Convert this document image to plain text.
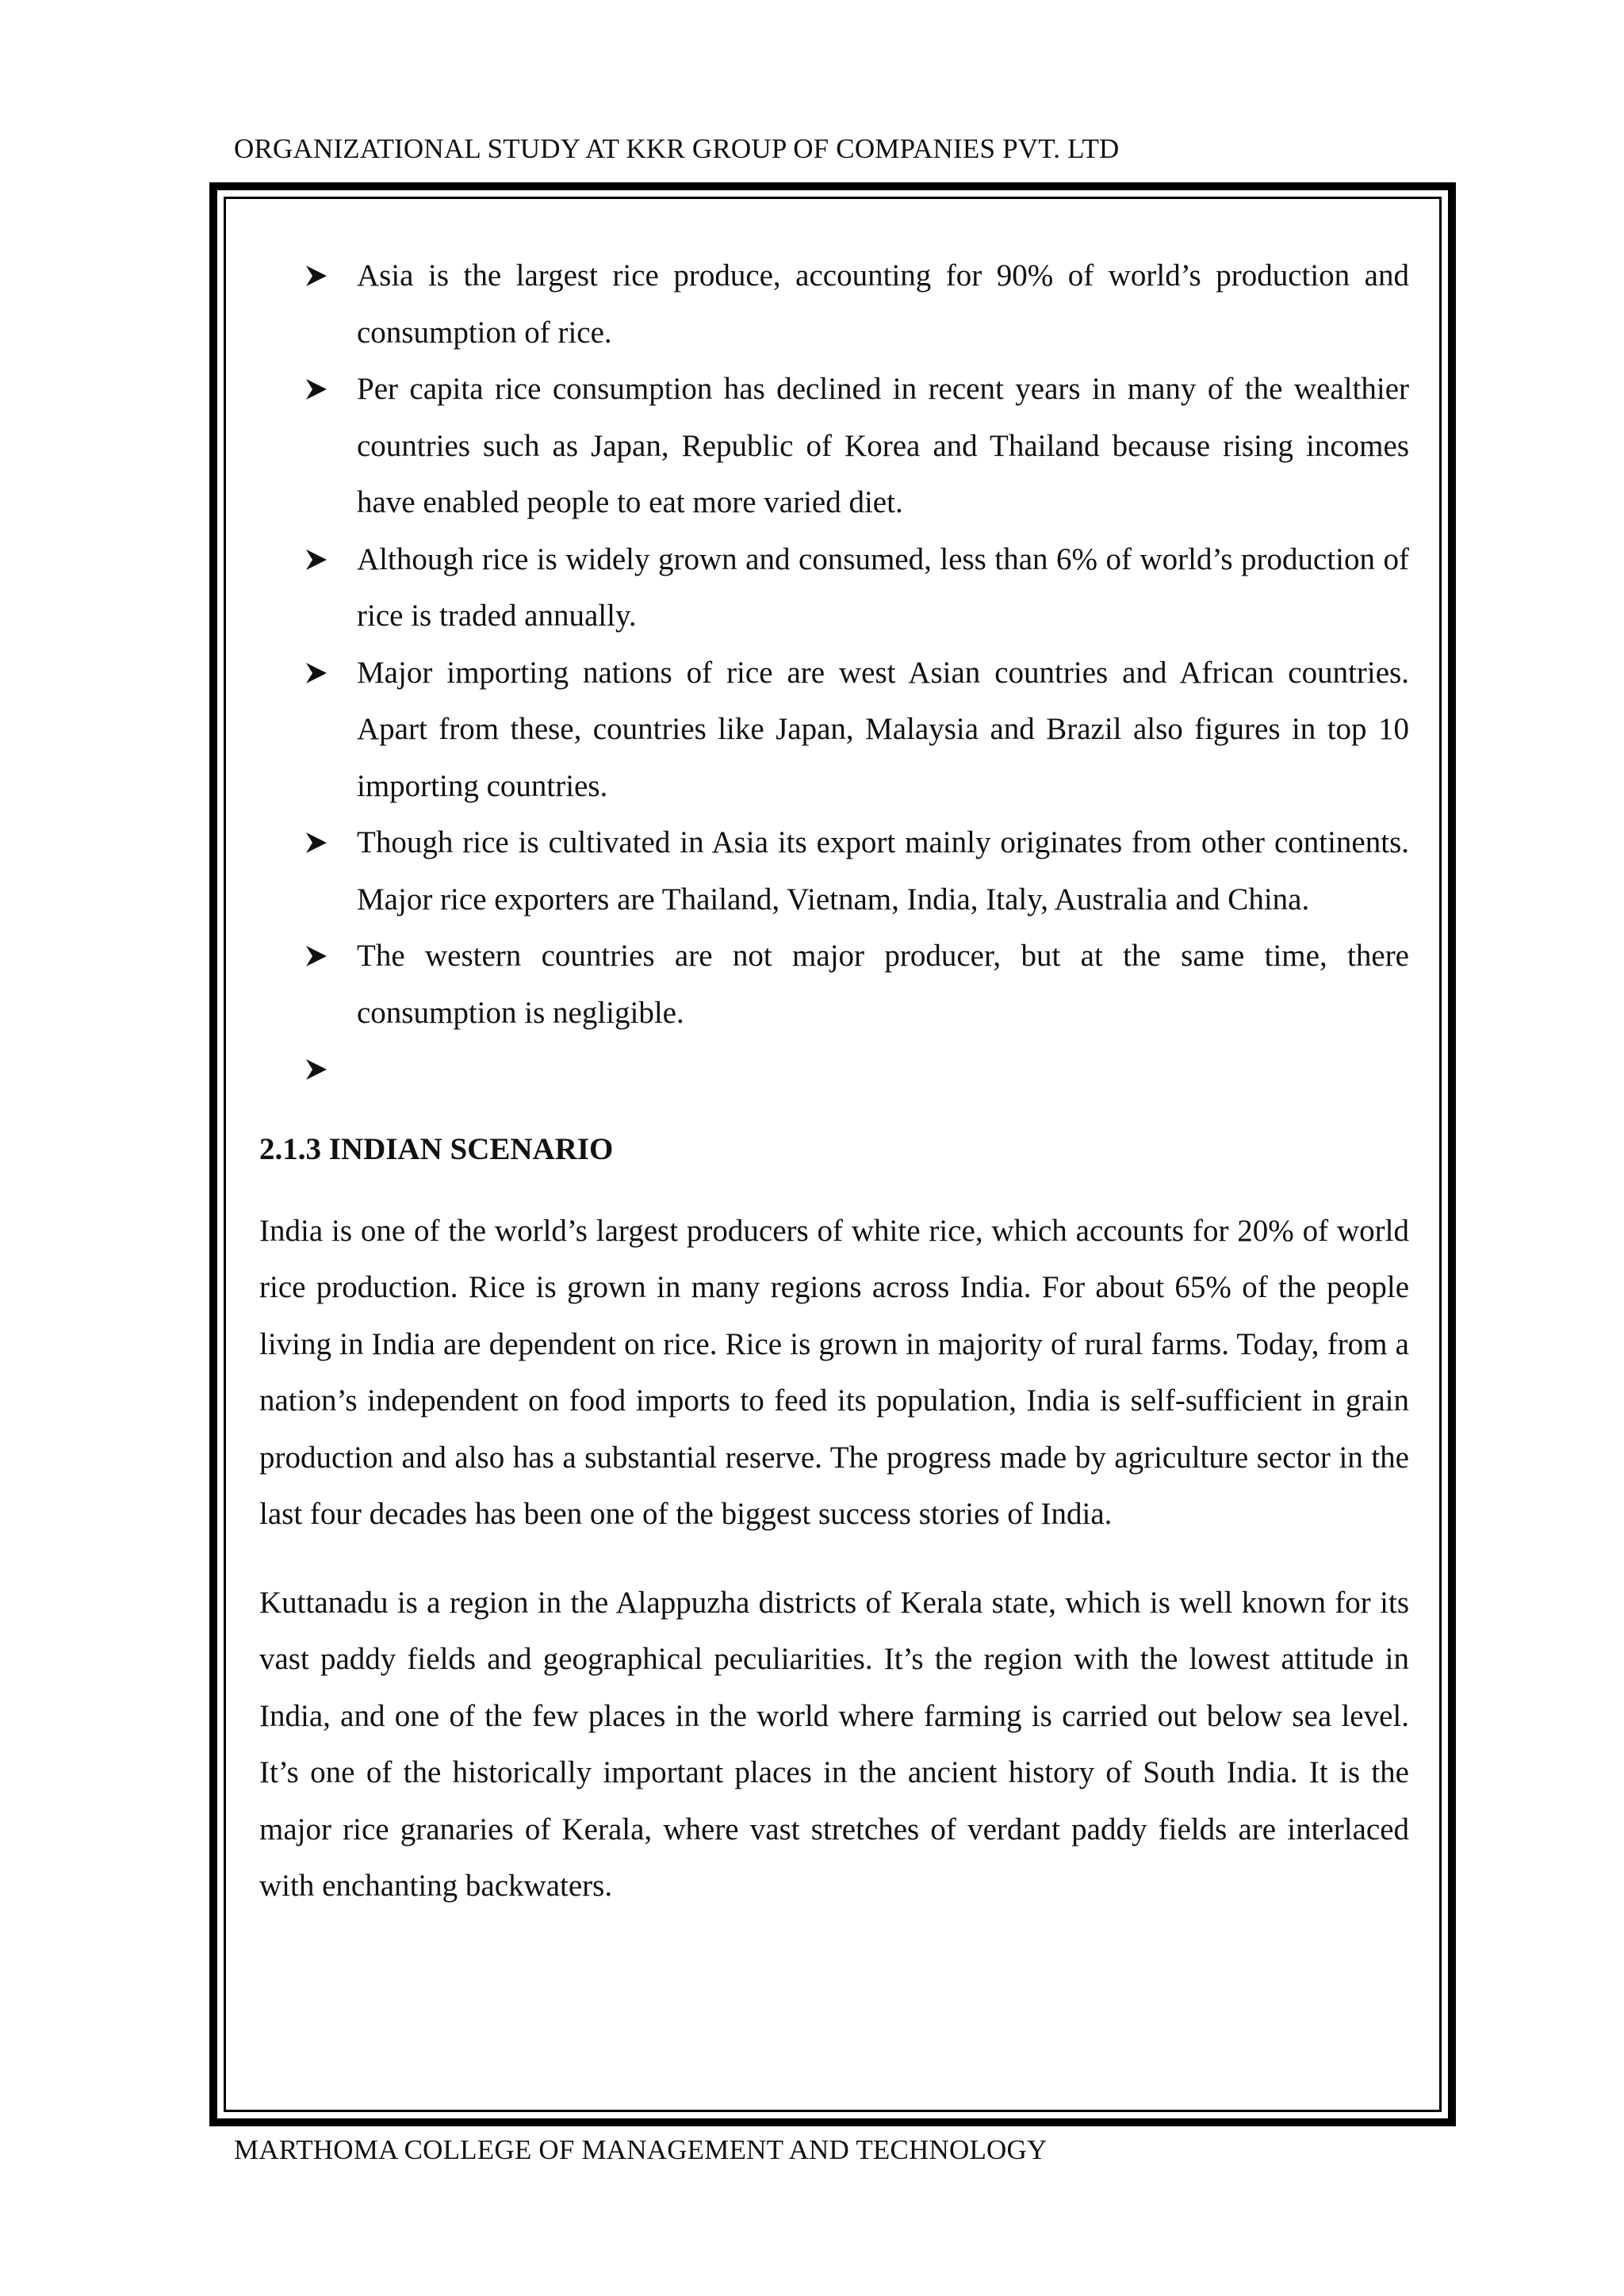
ORGANIZATIONAL STUDY AT KKR GROUP OF COMPANIES PVT. LTD
Asia is the largest rice produce, accounting for 90% of world’s production and consumption of rice.
Per capita rice consumption has declined in recent years in many of the wealthier countries such as Japan, Republic of Korea and Thailand because rising incomes have enabled people to eat more varied diet.
Although rice is widely grown and consumed, less than 6% of world’s production of rice is traded annually.
Major importing nations of rice are west Asian countries and African countries. Apart from these, countries like Japan, Malaysia and Brazil also figures in top 10 importing countries.
Though rice is cultivated in Asia its export mainly originates from other continents. Major rice exporters are Thailand, Vietnam, India, Italy, Australia and China.
The western countries are not major producer, but at the same time, there consumption is negligible.
2.1.3 INDIAN SCENARIO

India is one of the world’s largest producers of white rice, which accounts for 20% of world rice production. Rice is grown in many regions across India. For about 65% of the people living in India are dependent on rice. Rice is grown in majority of rural farms. Today, from a nation’s independent on food imports to feed its population, India is self-sufficient in grain production and also has a substantial reserve. The progress made by agriculture sector in the last four decades has been one of the biggest success stories of India.

Kuttanadu is a region in the Alappuzha districts of Kerala state, which is well known for its vast paddy fields and geographical peculiarities. It’s the region with the lowest attitude in India, and one of the few places in the world where farming is carried out below sea level. It’s one of the historically important places in the ancient history of South India. It is the major rice granaries of Kerala, where vast stretches of verdant paddy fields are interlaced with enchanting backwaters.

MARTHOMA COLLEGE OF MANAGEMENT AND TECHNOLOGY
